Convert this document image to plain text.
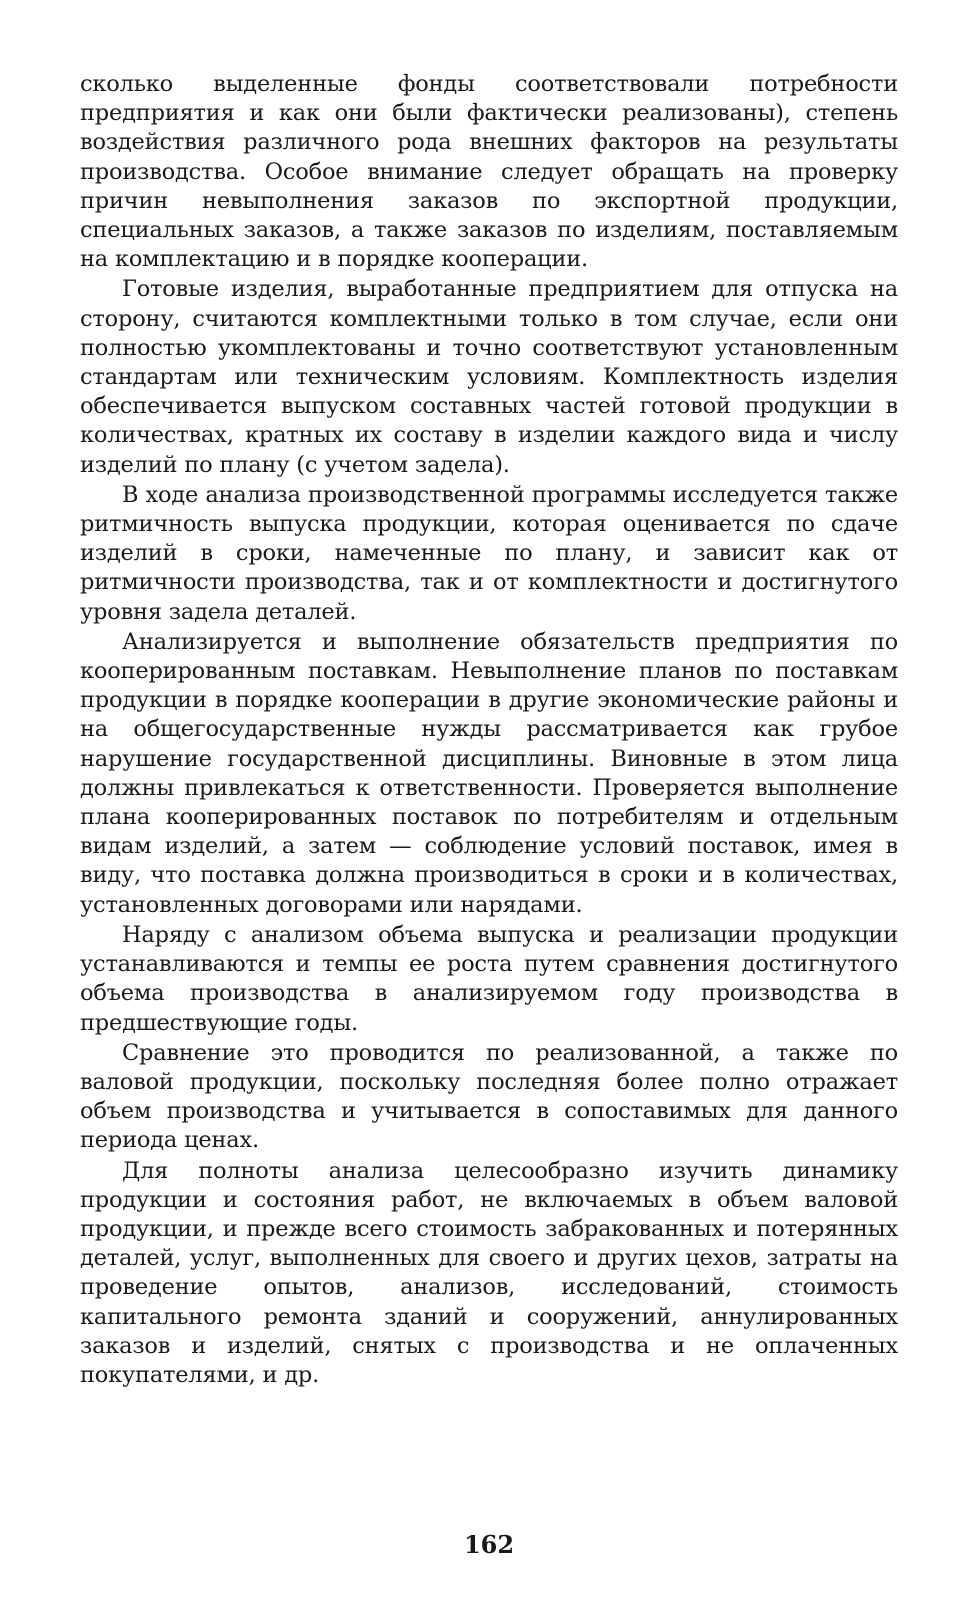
сколько выделенные фонды соответствовали потребности предприятия и как они были фактически реализованы), степень воздействия различного рода внешних факторов на результаты производства. Особое внимание следует обращать на проверку причин невыполнения заказов по экспортной продукции, специальных заказов, а также заказов по изделиям, поставляемым на комплектацию и в порядке кооперации.

Готовые изделия, выработанные предприятием для отпуска на сторону, считаются комплектными только в том случае, если они полностью укомплектованы и точно соответствуют установленным стандартам или техническим условиям. Комплектность изделия обеспечивается выпуском составных частей готовой продукции в количествах, кратных их составу в изделии каждого вида и числу изделий по плану (с учетом задела).

В ходе анализа производственной программы исследуется также ритмичность выпуска продукции, которая оценивается по сдаче изделий в сроки, намеченные по плану, и зависит как от ритмичности производства, так и от комплектности и достигнутого уровня задела деталей.

Анализируется и выполнение обязательств предприятия по кооперированным поставкам. Невыполнение планов по поставкам продукции в порядке кооперации в другие экономические районы и на общегосударственные нужды рассматривается как грубое нарушение государственной дисциплины. Виновные в этом лица должны привлекаться к ответственности. Проверяется выполнение плана кооперированных поставок по потребителям и отдельным видам изделий, а затем — соблюдение условий поставок, имея в виду, что поставка должна производиться в сроки и в количествах, установленных договорами или нарядами.

Наряду с анализом объема выпуска и реализации продукции устанавливаются и темпы ее роста путем сравнения достигнутого объема производства в анализируемом году производства в предшествующие годы.

Сравнение это проводится по реализованной, а также по валовой продукции, поскольку последняя более полно отражает объем производства и учитывается в сопоставимых для данного периода ценах.

Для полноты анализа целесообразно изучить динамику продукции и состояния работ, не включаемых в объем валовой продукции, и прежде всего стоимость забракованных и потерянных деталей, услуг, выполненных для своего и других цехов, затраты на проведение опытов, анализов, исследований, стоимость капитального ремонта зданий и сооружений, аннулированных заказов и изделий, снятых с производства и не оплаченных покупателями, и др.

162
